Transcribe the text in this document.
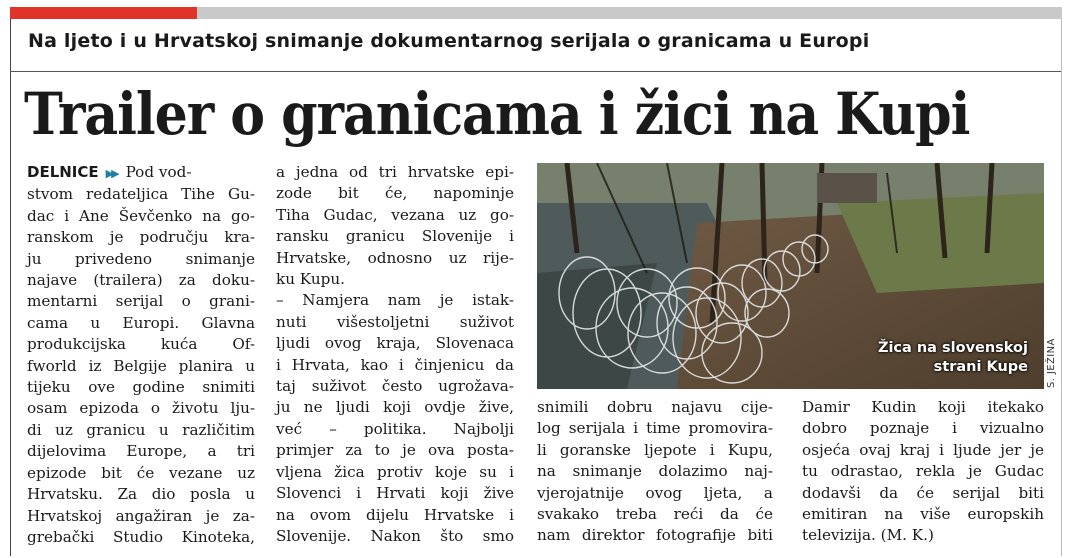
Na ljeto i u Hrvatskoj snimanje dokumentarnog serijala o granicama u Europi
Trailer o granicama i žici na Kupi
DELNICE ▶▶ Pod vod-
stvom redateljica Tihe Gu-
dac i Ane Ševčenko na go-
ranskom je području kra-
ju privedeno snimanje
najave (trailera) za doku-
mentarni serijal o grani-
cama u Europi. Glavna
produkcijska kuća Of-
fworld iz Belgije planira u
tijeku ove godine snimiti
osam epizoda o životu lju-
di uz granicu u različitim
dijelovima Europe, a tri
epizode bit će vezane uz
Hrvatsku. Za dio posla u
Hrvatskoj angažiran je za-
grebački Studio Kinoteka,
a jedna od tri hrvatske epi-
zode bit će, napominje
Tiha Gudac, vezana uz go-
ransku granicu Slovenije i
Hrvatske, odnosno uz rije-
ku Kupu.
– Namjera nam je istak-
nuti višestoljetni suživot
ljudi ovog kraja, Slovenaca
i Hrvata, kao i činjenicu da
taj suživot često ugrožava-
ju ne ljudi koji ovdje žive,
već – politika. Najbolji
primjer za to je ova posta-
vljena žica protiv koje su i
Slovenci i Hrvati koji žive
na ovom dijelu Hrvatske i
Slovenije. Nakon što smo
Žica na slovenskoj
strani Kupe S. JEŽINA
snimili dobru najavu cije-
log serijala i time promovira-
li goranske ljepote i Kupu,
na snimanje dolazimo naj-
vjerojatnije ovog ljeta, a
svakako treba reći da će
nam direktor fotografije biti
Damir Kudin koji itekako
dobro poznaje i vizualno
osjeća ovaj kraj i ljude jer je
tu odrastao, rekla je Gudac
dodavši da će serijal biti
emitiran na više europskih
televizija. (M. K.)
